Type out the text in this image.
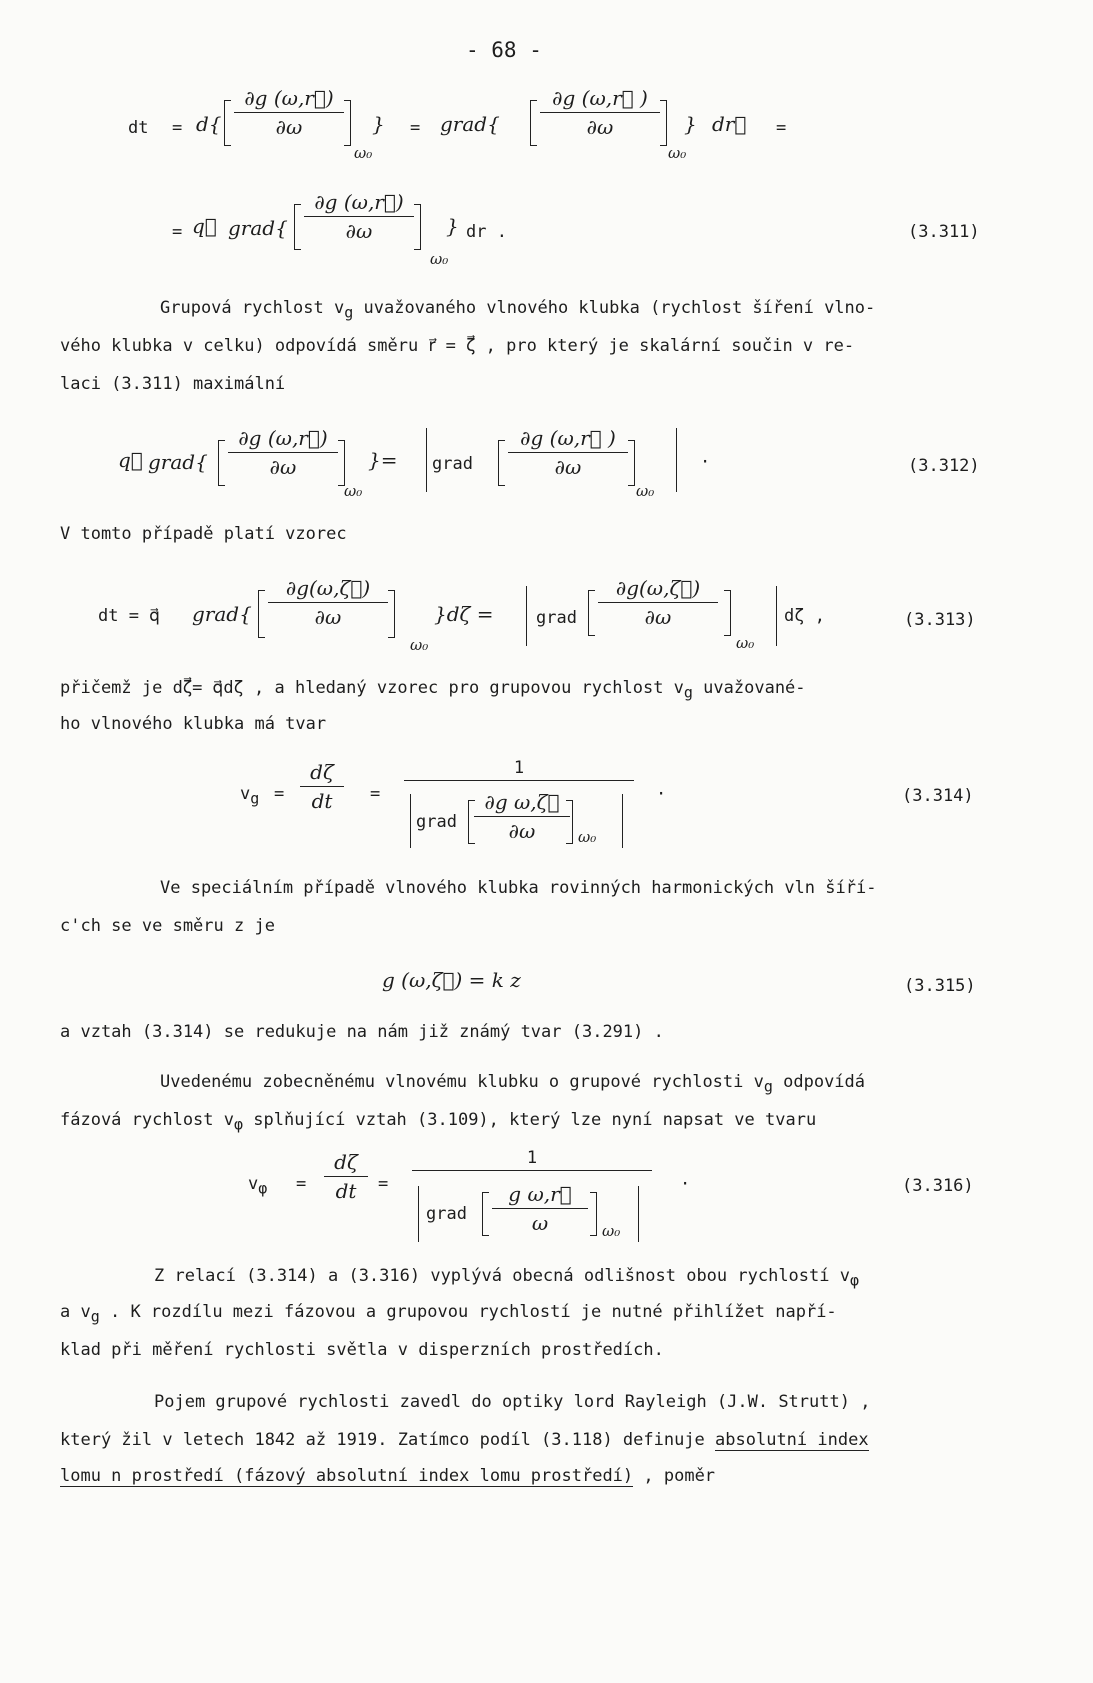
- 68 -
dt = d{
∂g (ω,r⃗)
∂ω
ω₀
} = grad{
∂g (ω,r⃗ )
∂ω
ω₀
} dr⃗ =
= q⃗ grad{
∂g (ω,r⃗)
∂ω
ω₀
} dr .	(3.311)
Grupová rychlost $v_g$ uvažovaného vlnového klubka (rychlost šíření vlno-
vého klubka v celku) odpovídá směru r⃗ = ζ⃗ , pro který je skalární součin v re-
laci (3.311) maximální
q⃗ grad{
∂g (ω,r⃗)
∂ω
ω₀
}= grad
∂g (ω,r⃗ )
∂ω
ω₀
·	(3.312)
V tomto případě platí vzorec
dt = q⃗ grad{
∂g(ω,ζ⃗)
∂ω
ω₀
}dζ =	grad
∂g(ω,ζ⃗)
∂ω
ω₀
dζ ,	(3.313)
přičemž je dζ⃗= q⃗dζ , a hledaný vzorec pro grupovou rychlost $v_g$ uvažované-
ho vlnového klubka má tvar
$v_g$ =
dζ
dt	=
1
grad
∂g ω,ζ⃗
∂ω	ω₀
·	(3.314)
Ve speciálním případě vlnového klubka rovinných harmonických vln šíří-
c'ch se ve směru z je
g (ω,ζ⃗) = k z	(3.315)
a vztah (3.314) se redukuje na nám již známý tvar (3.291) .
Uvedenému zobecněnému vlnovému klubku o grupové rychlosti $v_g$ odpovídá
fázová rychlost $v_\varphi$ splňující vztah (3.109), který lze nyní napsat ve tvaru
$v_\varphi$ =
dζ
dt	=
1
grad
g ω,r⃗
ω	ω₀
·	(3.316)
Z relací (3.314) a (3.316) vyplývá obecná odlišnost obou rychlostí $v_\varphi$
a $v_g$ . K rozdílu mezi fázovou a grupovou rychlostí je nutné přihlížet napří-
klad při měření rychlosti světla v disperzních prostředích.
Pojem grupové rychlosti zavedl do optiky lord Rayleigh (J.W. Strutt) ,
který žil v letech 1842 až 1919. Zatímco podíl (3.118) definuje absolutní index
lomu n prostředí (fázový absolutní index lomu prostředí) , poměr
